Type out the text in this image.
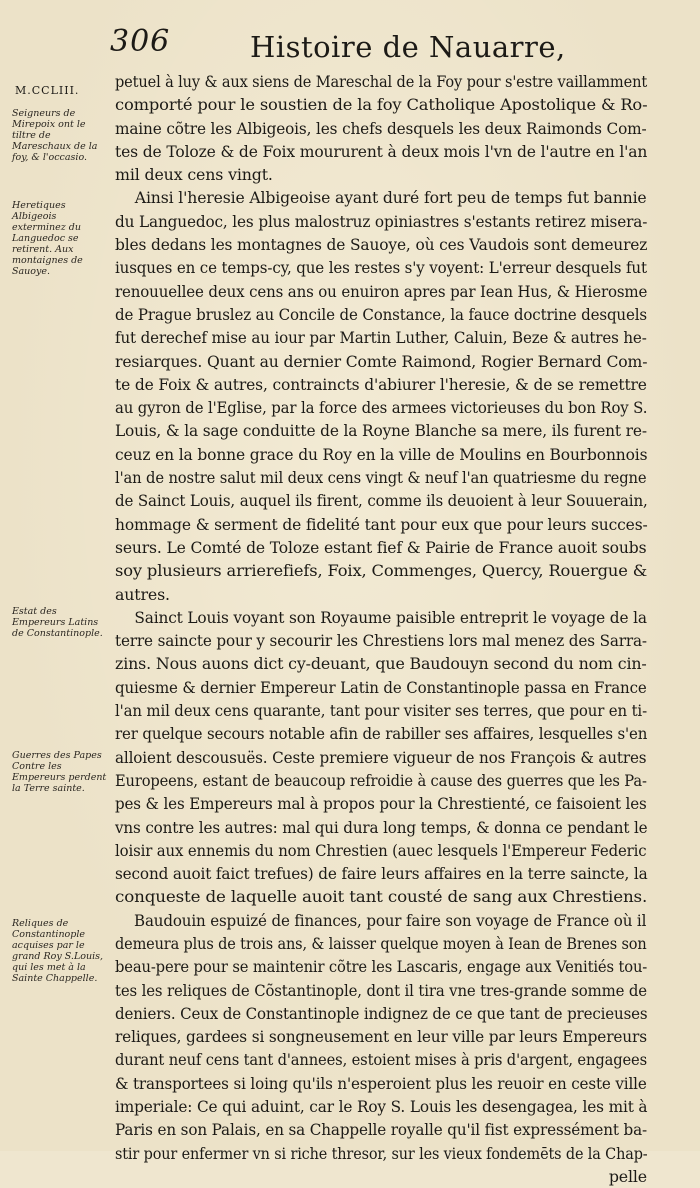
306	Histoire de Nauarre,
M.CCLIII.
Seigneurs de Mirepoix ont le tiltre de Mareschaux de la foy, & l'occasio.
Heretiques Albigeois exterminez du Languedoc se retirent. Aux montaignes de Sauoye.
Estat des Empereurs Latins de Constantinople.
Guerres des Papes Contre les Empereurs perdent la Terre sainte.
Reliques de Constantinople acquises par le grand Roy S.Louis, qui les met à la Sainte Chappelle.
petuel à luy & aux siens de Mareschal de la Foy pour s'estre vaillamment
comporté pour le soustien de la foy Catholique Apostolique & Ro-
maine cõtre les Albigeois, les chefs desquels les deux Raimonds Com-
tes de Toloze & de Foix moururent à deux mois l'vn de l'autre en l'an
mil deux cens vingt.
Ainsi l'heresie Albigeoise ayant duré fort peu de temps fut bannie
du Languedoc, les plus malostruz opiniastres s'estants retirez misera-
bles dedans les montagnes de Sauoye, où ces Vaudois sont demeurez
iusques en ce temps-cy, que les restes s'y voyent: L'erreur desquels fut
renouuellee deux cens ans ou enuiron apres par Iean Hus, & Hierosme
de Prague bruslez au Concile de Constance, la fauce doctrine desquels
fut derechef mise au iour par Martin Luther, Caluin, Beze & autres he-
resiarques. Quant au dernier Comte Raimond, Rogier Bernard Com-
te de Foix & autres, contraincts d'abiurer l'heresie, & de se remettre
au gyron de l'Eglise, par la force des armees victorieuses du bon Roy S.
Louis, & la sage conduitte de la Royne Blanche sa mere, ils furent re-
ceuz en la bonne grace du Roy en la ville de Moulins en Bourbonnois
l'an de nostre salut mil deux cens vingt & neuf l'an quatriesme du regne
de Sainct Louis, auquel ils firent, comme ils deuoient à leur Souuerain,
hommage & serment de fidelité tant pour eux que pour leurs succes-
seurs. Le Comté de Toloze estant fief & Pairie de France auoit soubs
soy plusieurs arrierefiefs, Foix, Commenges, Quercy, Rouergue &
autres.
Sainct Louis voyant son Royaume paisible entreprit le voyage de la
terre saincte pour y secourir les Chrestiens lors mal menez des Sarra-
zins. Nous auons dict cy-deuant, que Baudouyn second du nom cin-
quiesme & dernier Empereur Latin de Constantinople passa en France
l'an mil deux cens quarante, tant pour visiter ses terres, que pour en ti-
rer quelque secours notable afin de rabiller ses affaires, lesquelles s'en
alloient descousuës. Ceste premiere vigueur de nos François & autres
Europeens, estant de beaucoup refroidie à cause des guerres que les Pa-
pes & les Empereurs mal à propos pour la Chrestienté, ce faisoient les
vns contre les autres: mal qui dura long temps, & donna ce pendant le
loisir aux ennemis du nom Chrestien (auec lesquels l'Empereur Federic
second auoit faict trefues) de faire leurs affaires en la terre saincte, la
conqueste de laquelle auoit tant cousté de sang aux Chrestiens.
Baudouin espuizé de finances, pour faire son voyage de France où il
demeura plus de trois ans, & laisser quelque moyen à Iean de Brenes son
beau-pere pour se maintenir cõtre les Lascaris, engage aux Venitiés tou-
tes les reliques de Cõstantinople, dont il tira vne tres-grande somme de
deniers. Ceux de Constantinople indignez de ce que tant de precieuses
reliques, gardees si songneusement en leur ville par leurs Empereurs
durant neuf cens tant d'annees, estoient mises à pris d'argent, engagees
& transportees si loing qu'ils n'esperoient plus les reuoir en ceste ville
imperiale: Ce qui aduint, car le Roy S. Louis les desengagea, les mit à
Paris en son Palais, en sa Chappelle royalle qu'il fist expressément ba-
stir pour enfermer vn si riche thresor, sur les vieux fondemēts de la Chap-
pelle
